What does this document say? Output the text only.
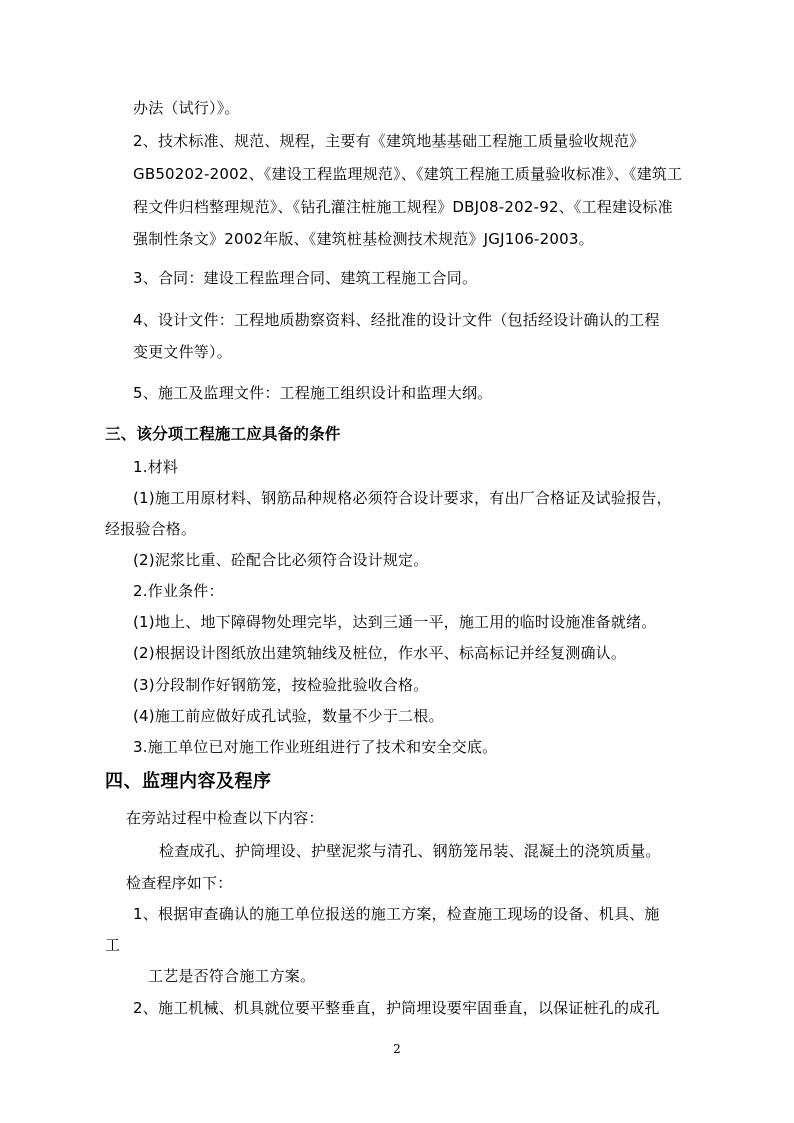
办法（试行）》。
2、技术标准、规范、规程，主要有《建筑地基基础工程施工质量验收规范》
GB50202-2002、《建设工程监理规范》、《建筑工程施工质量验收标准》、《建筑工
程文件归档整理规范》、《钻孔灌注桩施工规程》DBJ08-202-92、《工程建设标准
强制性条文》2002年版、《建筑桩基检测技术规范》JGJ106-2003。
3、合同：建设工程监理合同、建筑工程施工合同。
4、设计文件：工程地质勘察资料、经批准的设计文件（包括经设计确认的工程
变更文件等）。
5、施工及监理文件：工程施工组织设计和监理大纲。
三、该分项工程施工应具备的条件
1.材料
(1)施工用原材料、钢筋品种规格必须符合设计要求，有出厂合格证及试验报告，
经报验合格。
(2)泥浆比重、砼配合比必须符合设计规定。
2.作业条件：
(1)地上、地下障碍物处理完毕，达到三通一平，施工用的临时设施准备就绪。
(2)根据设计图纸放出建筑轴线及桩位，作水平、标高标记并经复测确认。
(3)分段制作好钢筋笼，按检验批验收合格。
(4)施工前应做好成孔试验，数量不少于二根。
3.施工单位已对施工作业班组进行了技术和安全交底。
四、监理内容及程序
在旁站过程中检查以下内容：
检查成孔、护筒埋设、护壁泥浆与清孔、钢筋笼吊装、混凝土的浇筑质量。
检查程序如下：
1、根据审查确认的施工单位报送的施工方案，检查施工现场的设备、机具、施
工
工艺是否符合施工方案。
2、施工机械、机具就位要平整垂直，护筒埋设要牢固垂直，以保证桩孔的成孔
2
